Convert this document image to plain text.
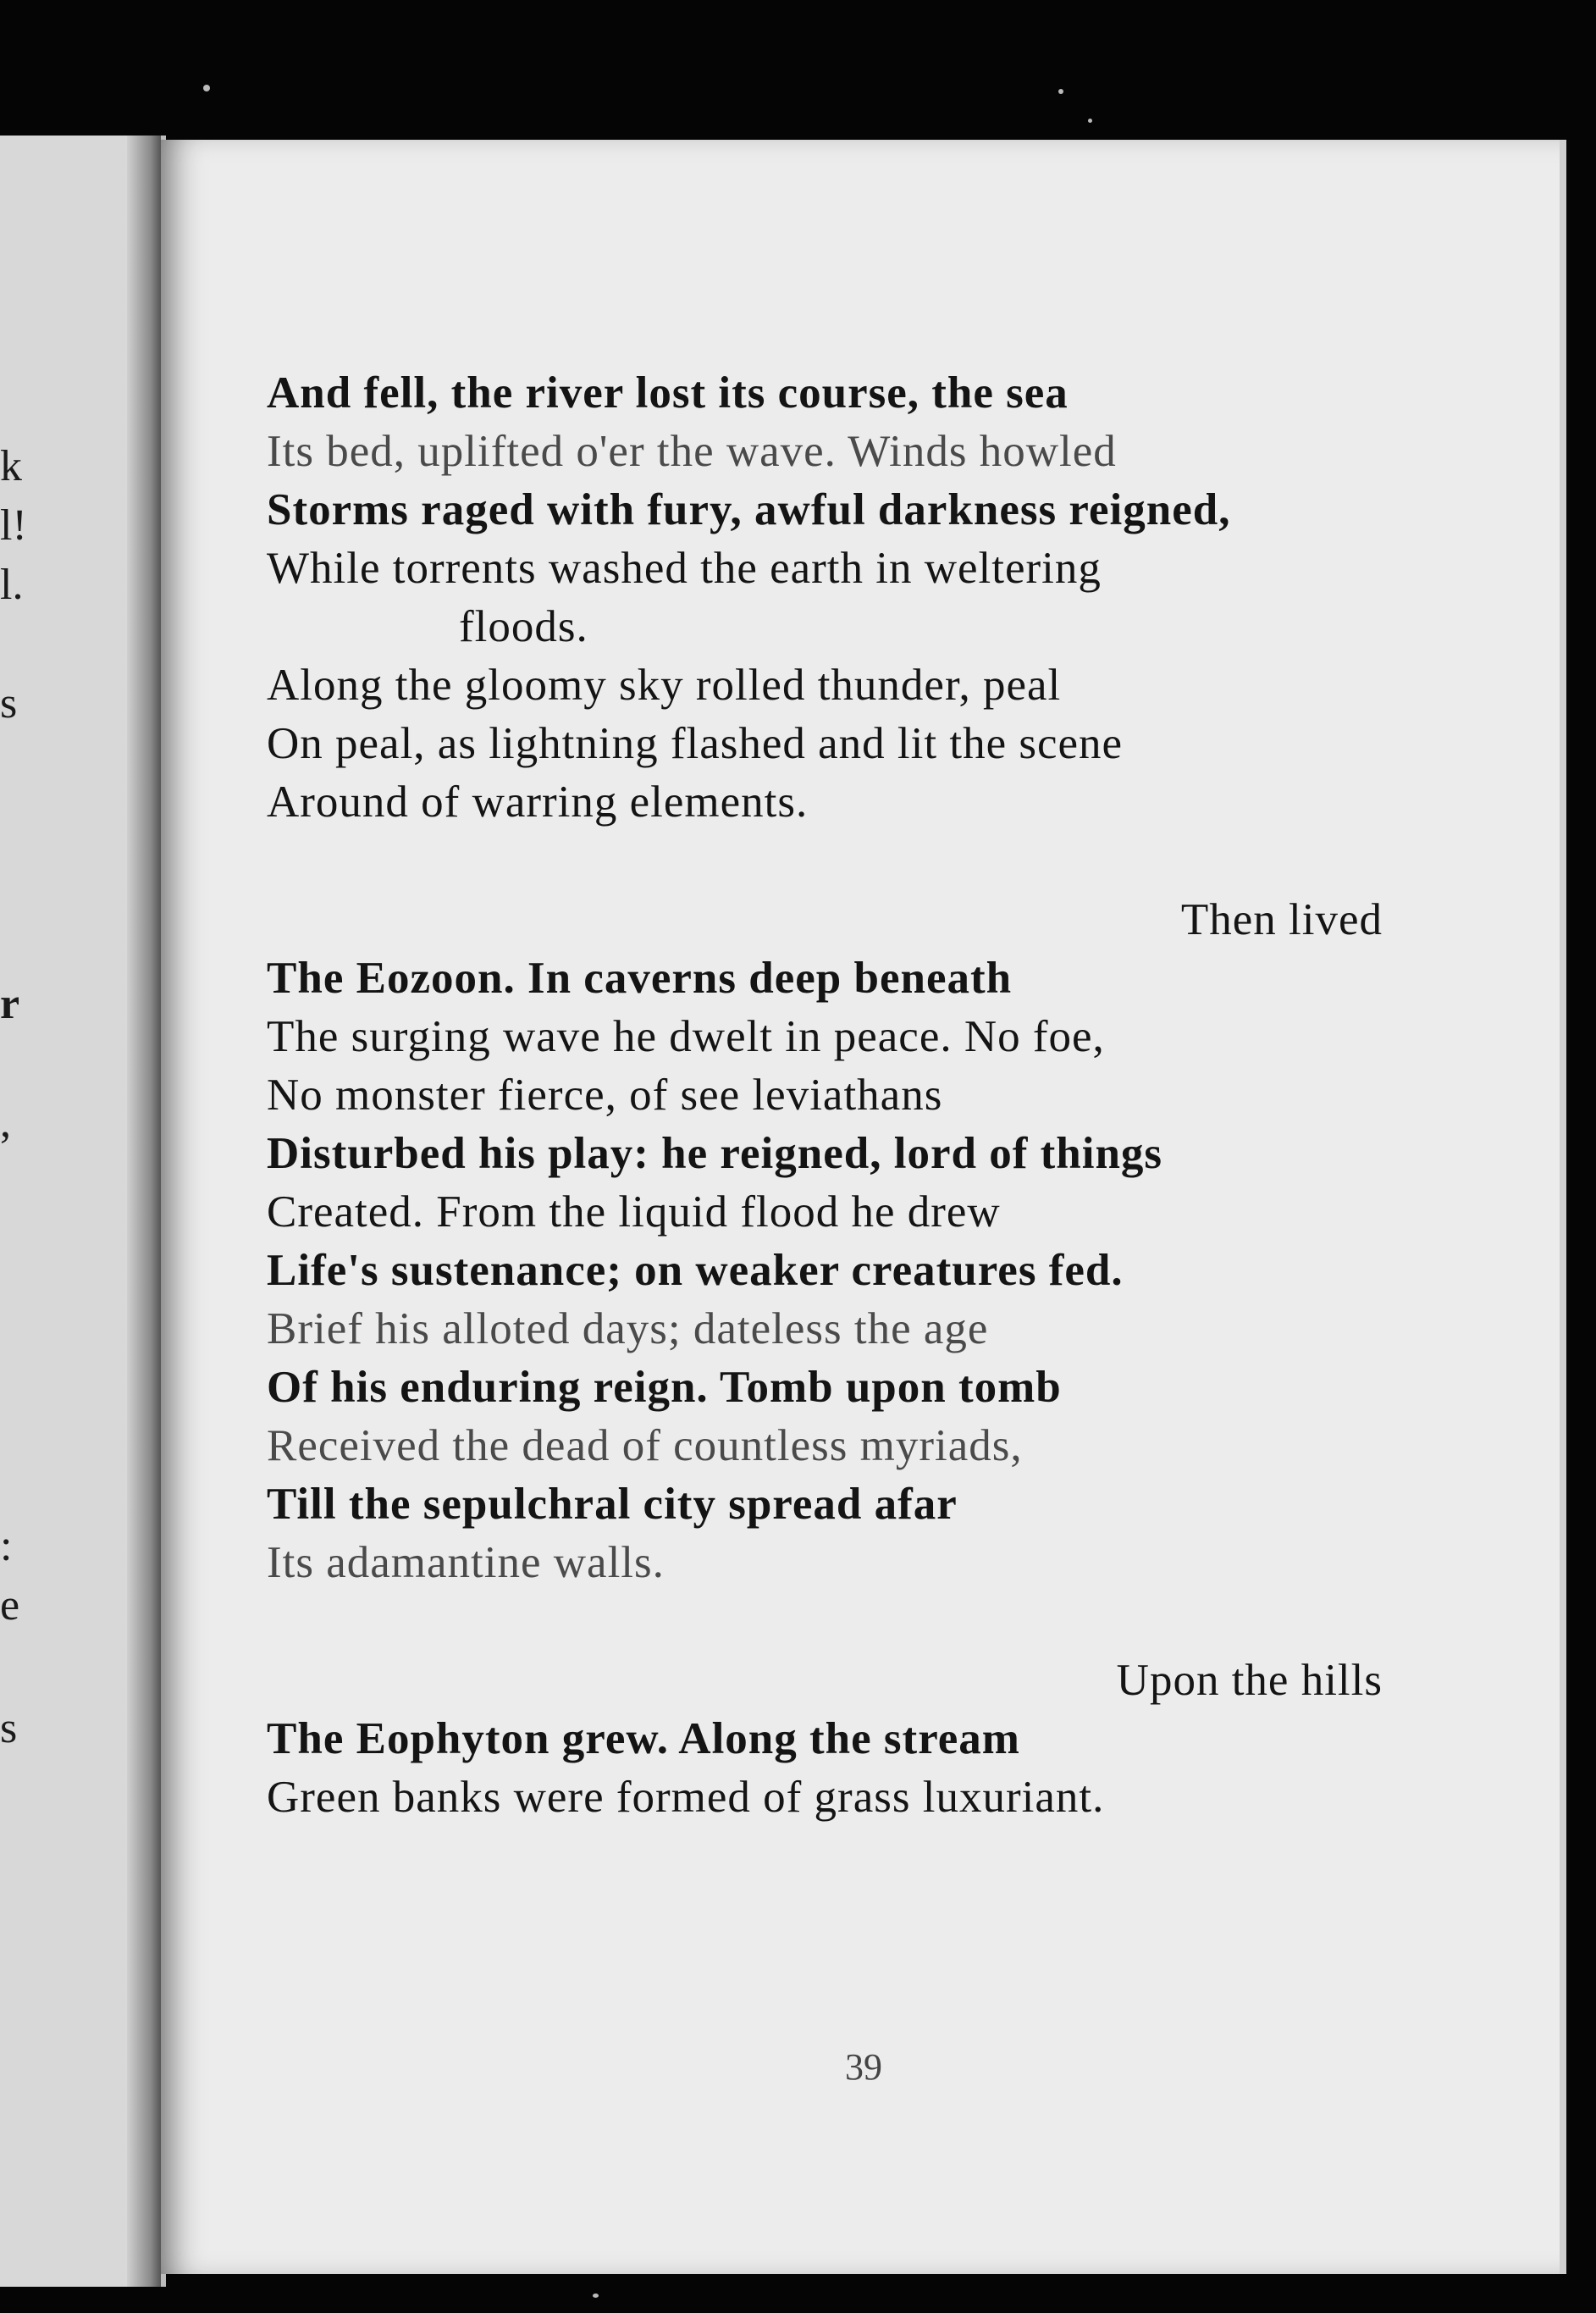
k
l!
l.
s
r
,
:
e
s
And fell, the river lost its course, the sea
Its bed, uplifted o'er the wave. Winds howled
Storms raged with fury, awful darkness reigned,
While torrents washed the earth in weltering
floods.
Along the gloomy sky rolled thunder, peal
On peal, as lightning flashed and lit the scene
Around of warring elements.
Then lived
The Eozoon. In caverns deep beneath
The surging wave he dwelt in peace. No foe,
No monster fierce, of see leviathans
Disturbed his play: he reigned, lord of things
Created. From the liquid flood he drew
Life's sustenance; on weaker creatures fed.
Brief his alloted days; dateless the age
Of his enduring reign. Tomb upon tomb
Received the dead of countless myriads,
Till the sepulchral city spread afar
Its adamantine walls.
Upon the hills
The Eophyton grew. Along the stream
Green banks were formed of grass luxuriant.
39
